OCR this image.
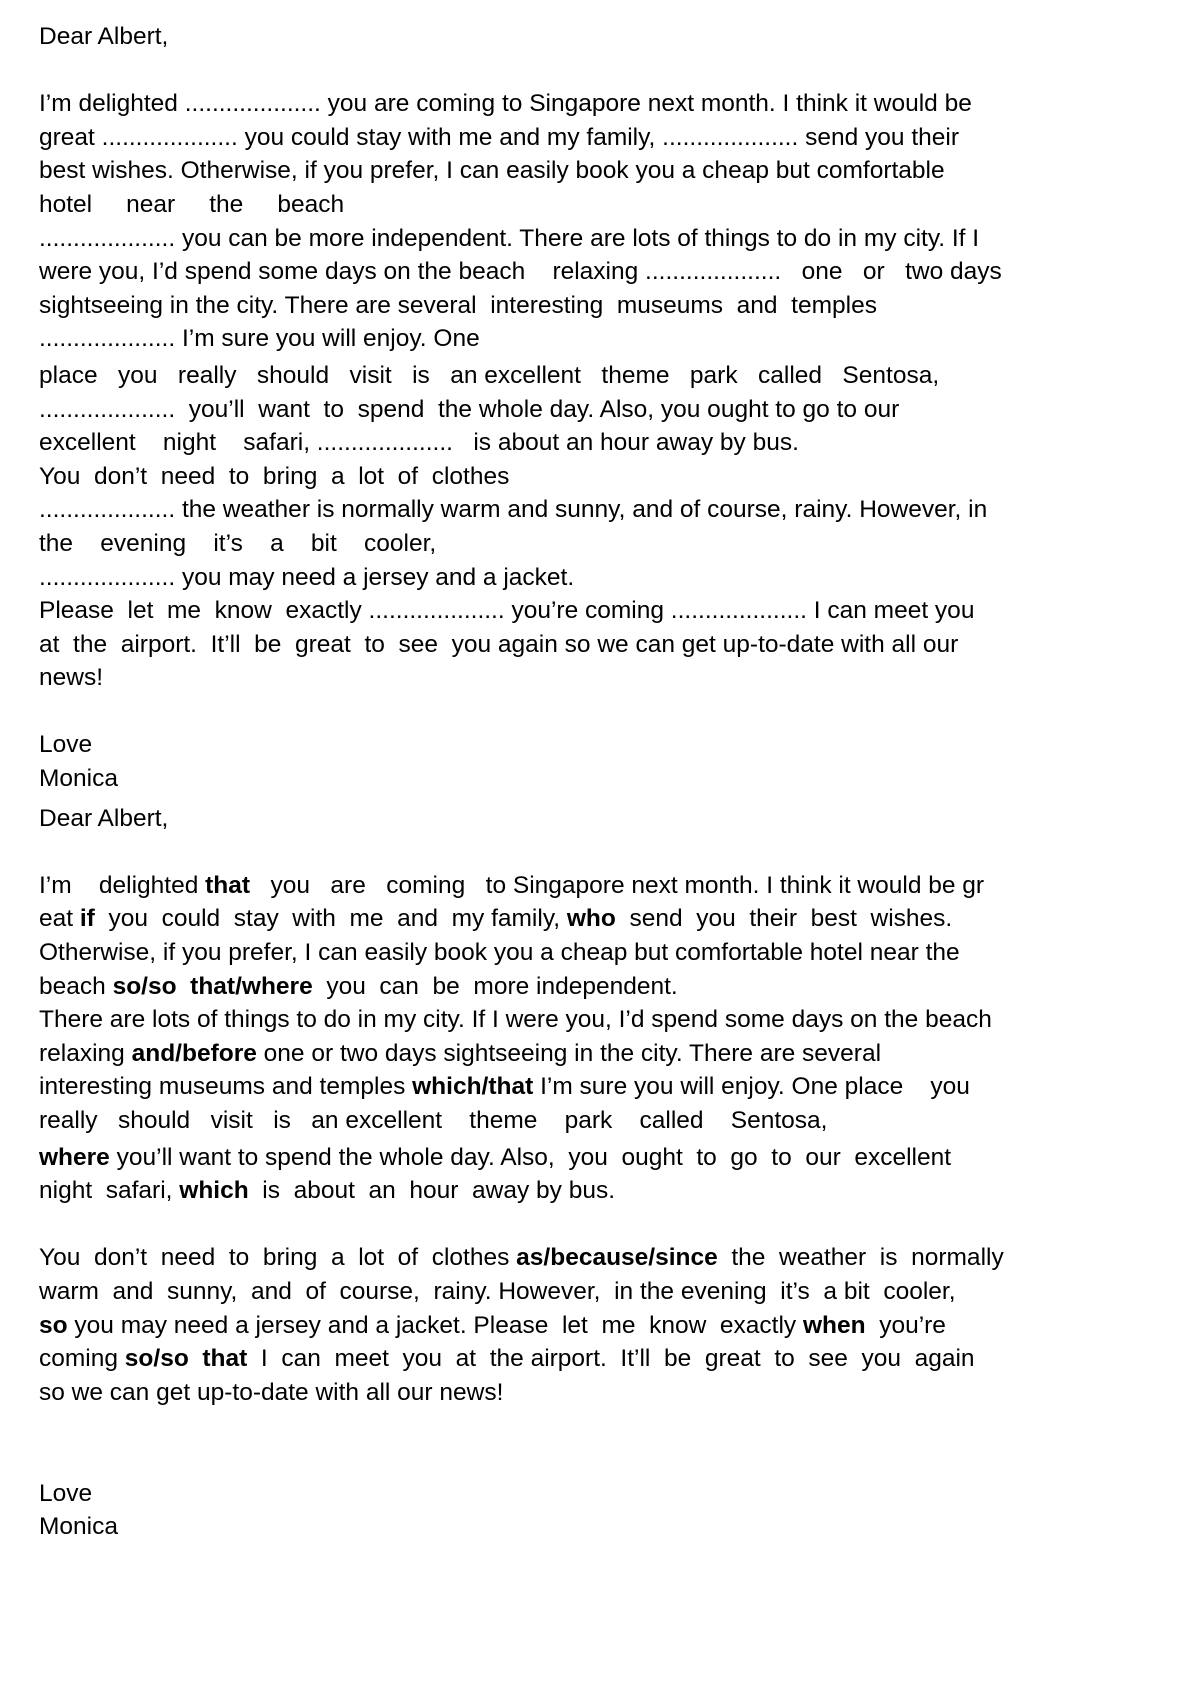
Dear Albert,
I’m delighted .................... you are coming to Singapore next month. I think it would be
great .................... you could stay with me and my family, .................... send you their
best wishes. Otherwise, if you prefer, I can easily book you a cheap but comfortable
hotel     near     the     beach
.................... you can be more independent. There are lots of things to do in my city. If I
were you, I’d spend some days on the beach    relaxing ....................   one   or   two days
sightseeing in the city. There are several  interesting  museums  and  temples
.................... I’m sure you will enjoy. One
place   you   really   should   visit   is   an excellent   theme   park   called   Sentosa,
....................  you’ll  want  to  spend  the whole day. Also, you ought to go to our
excellent    night    safari, ....................   is about an hour away by bus.
You  don’t  need  to  bring  a  lot  of  clothes
.................... the weather is normally warm and sunny, and of course, rainy. However, in
the    evening    it’s    a    bit    cooler,
.................... you may need a jersey and a jacket.
Please  let  me  know  exactly .................... you’re coming .................... I can meet you
at  the  airport.  It’ll  be  great  to  see  you again so we can get up-to-date with all our
news!
Love
Monica
Dear Albert,
I’m    delighted that   you   are   coming   to Singapore next month. I think it would be gr
eat if  you  could  stay  with  me  and  my family, who  send  you  their  best  wishes.
Otherwise, if you prefer, I can easily book you a cheap but comfortable hotel near the
beach so/so  that/where  you  can  be  more independent.
There are lots of things to do in my city. If I were you, I’d spend some days on the beach
relaxing and/before one or two days sightseeing in the city. There are several
interesting museums and temples which/that I’m sure you will enjoy. One place    you
really   should   visit   is   an excellent    theme    park    called    Sentosa,
where you’ll want to spend the whole day. Also,  you  ought  to  go  to  our  excellent
night  safari, which  is  about  an  hour  away by bus.
You  don’t  need  to  bring  a  lot  of  clothes as/because/since  the  weather  is  normally
warm  and  sunny,  and  of  course,  rainy. However,  in the evening  it’s  a bit  cooler,
so you may need a jersey and a jacket. Please  let  me  know  exactly when  you’re
coming so/so  that  I  can  meet  you  at  the airport.  It’ll  be  great  to  see  you  again
so we can get up-to-date with all our news!
Love
Monica
